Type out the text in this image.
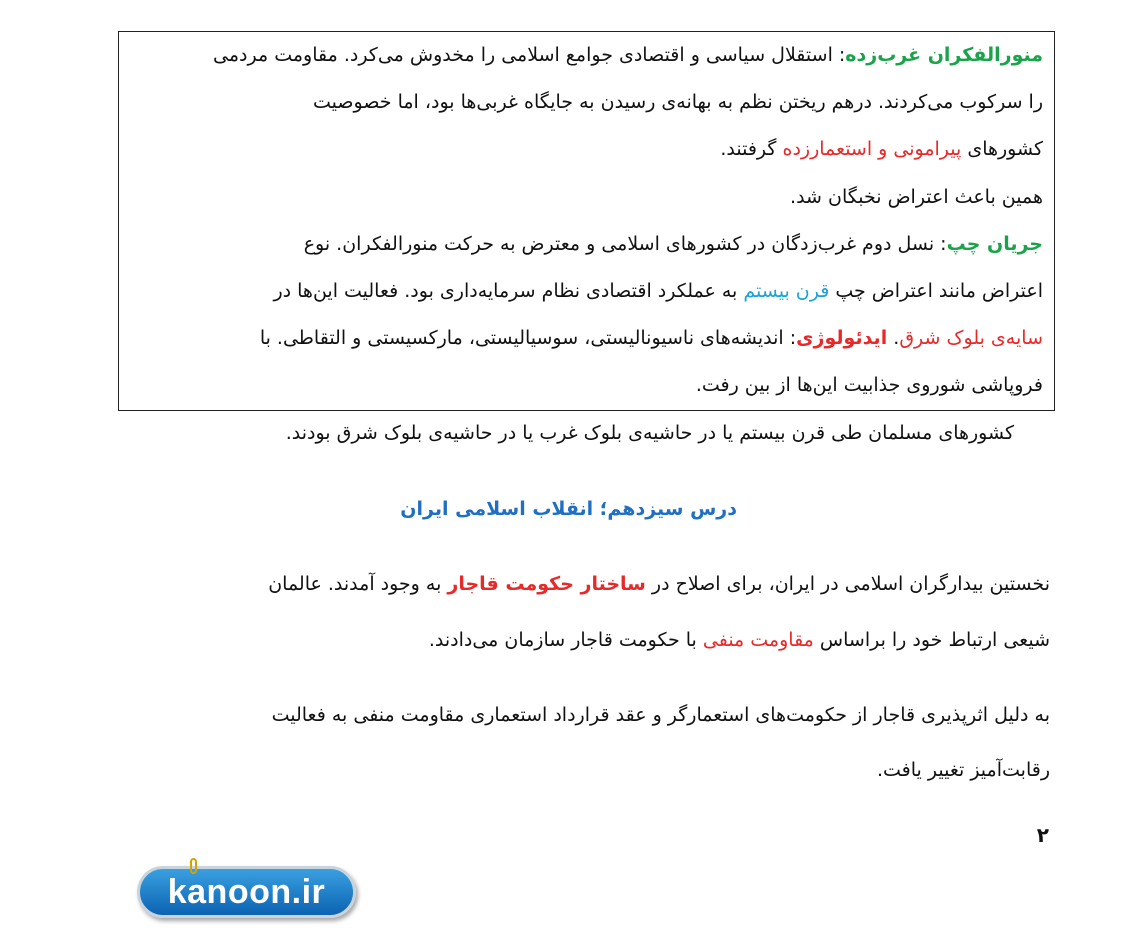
منورالفکران غرب‌زده: استقلال سیاسی و اقتصادی جوامع اسلامی را مخدوش می‌کرد. مقاومت مردمی
را سرکوب می‌کردند. درهم ریختن نظم به بهانه‌ی رسیدن به جایگاه غربی‌ها بود، اما خصوصیت
کشورهای پیرامونی و استعمارزده گرفتند.
همین باعث اعتراض نخبگان شد.
جریان چپ: نسل دوم غرب‌زدگان در کشورهای اسلامی و معترض به حرکت منورالفکران. نوع
اعتراض مانند اعتراض چپ قرن بیستم به عملکرد اقتصادی نظام سرمایه‌داری بود. فعالیت این‌ها در
سایه‌ی بلوک شرق. ایدئولوژی: اندیشه‌های ناسیونالیستی، سوسیالیستی، مارکسیستی و التقاطی. با
فروپاشی شوروی جذابیت این‌ها از بین رفت.
کشورهای مسلمان طی قرن بیستم یا در حاشیه‌ی بلوک غرب یا در حاشیه‌ی بلوک شرق بودند.
درس سیزدهم؛ انقلاب اسلامی ایران
نخستین بیدارگران اسلامی در ایران، برای اصلاح در ساختار حکومت قاجار به وجود آمدند. عالمان
شیعی ارتباط خود را براساس مقاومت منفی با حکومت قاجار سازمان می‌دادند.
به دلیل اثرپذیری قاجار از حکومت‌های استعمارگر و عقد قرارداد استعماری مقاومت منفی به فعالیت
رقابت‌آمیز تغییر یافت.
۲
kanoon.ir
